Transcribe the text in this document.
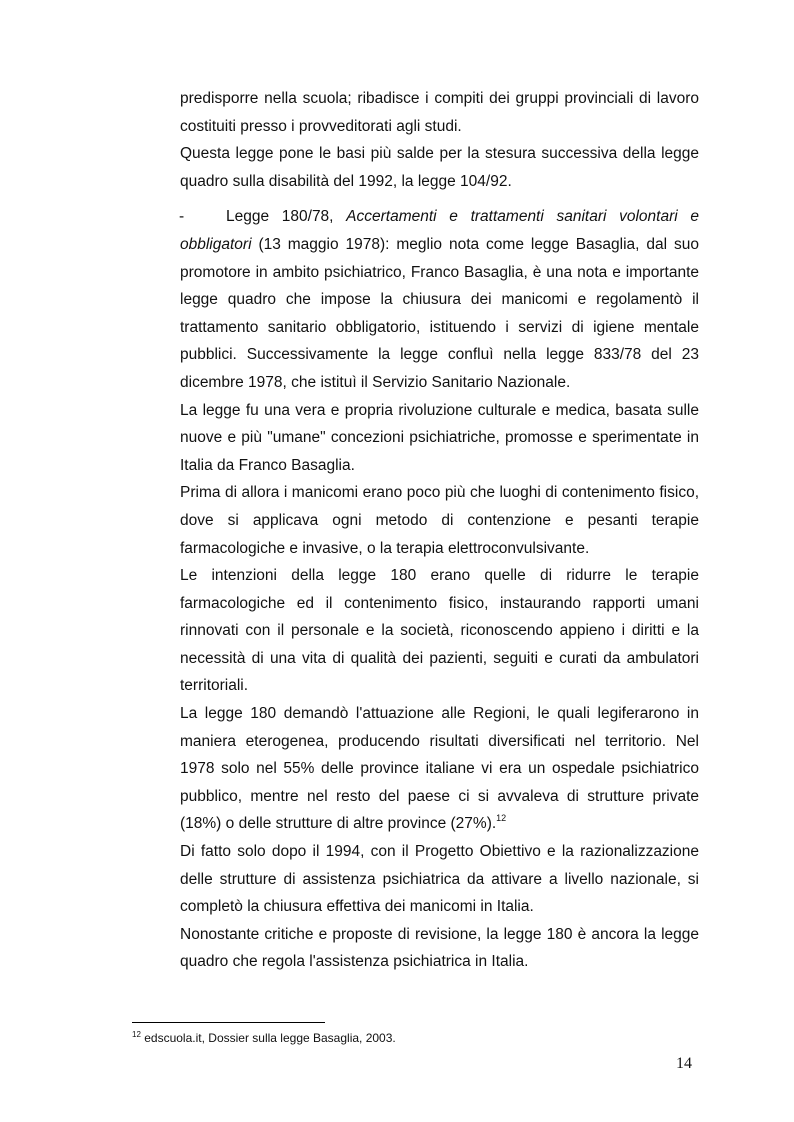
predisporre nella scuola; ribadisce i compiti dei gruppi provinciali di lavoro costituiti presso i provveditorati agli studi.

Questa legge pone le basi più salde per la stesura successiva della legge quadro sulla disabilità del 1992, la legge 104/92.

-	Legge 180/78, Accertamenti e trattamenti sanitari volontari e obbligatori (13 maggio 1978): meglio nota come legge Basaglia, dal suo promotore in ambito psichiatrico, Franco Basaglia, è una nota e importante legge quadro che impose la chiusura dei manicomi e regolamentò il trattamento sanitario obbligatorio, istituendo i servizi di igiene mentale pubblici. Successivamente la legge confluì nella legge 833/78 del 23 dicembre 1978, che istituì il Servizio Sanitario Nazionale.

La legge fu una vera e propria rivoluzione culturale e medica, basata sulle nuove e più "umane" concezioni psichiatriche, promosse e sperimentate in Italia da Franco Basaglia.

Prima di allora i manicomi erano poco più che luoghi di contenimento fisico, dove si applicava ogni metodo di contenzione e pesanti terapie farmacologiche e invasive, o la terapia elettroconvulsivante.

Le intenzioni della legge 180 erano quelle di ridurre le terapie farmacologiche ed il contenimento fisico, instaurando rapporti umani rinnovati con il personale e la società, riconoscendo appieno i diritti e la necessità di una vita di qualità dei pazienti, seguiti e curati da ambulatori territoriali.

La legge 180 demandò l'attuazione alle Regioni, le quali legiferarono in maniera eterogenea, producendo risultati diversificati nel territorio. Nel 1978 solo nel 55% delle province italiane vi era un ospedale psichiatrico pubblico, mentre nel resto del paese ci si avvaleva di strutture private (18%) o delle strutture di altre province (27%).$^{12}$

Di fatto solo dopo il 1994, con il Progetto Obiettivo e la razionalizzazione delle strutture di assistenza psichiatrica da attivare a livello nazionale, si completò la chiusura effettiva dei manicomi in Italia.

Nonostante critiche e proposte di revisione, la legge 180 è ancora la legge quadro che regola l'assistenza psichiatrica in Italia.

$^{12}$ edscuola.it, Dossier sulla legge Basaglia, 2003.
14
